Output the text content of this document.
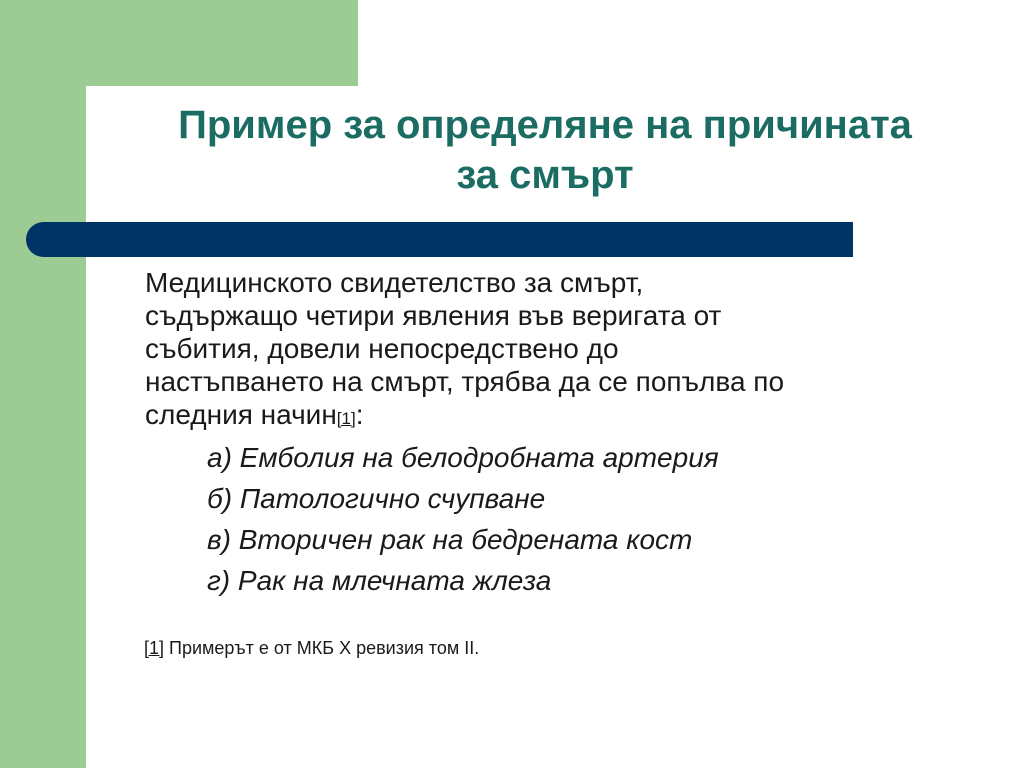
Пример за определяне на причината
за смърт

Медицинското свидетелство за смърт,
съдържащо четири явления във веригата от
събития, довели непосредствено до
настъпването на смърт, трябва да се попълва по
следния начин[1]:

а) Емболия на белодробната артерия
б) Патологично счупване
в) Вторичен рак на бедрената кост
г) Рак на млечната жлеза

[1] Примерът е от МКБ Х ревизия том II.
